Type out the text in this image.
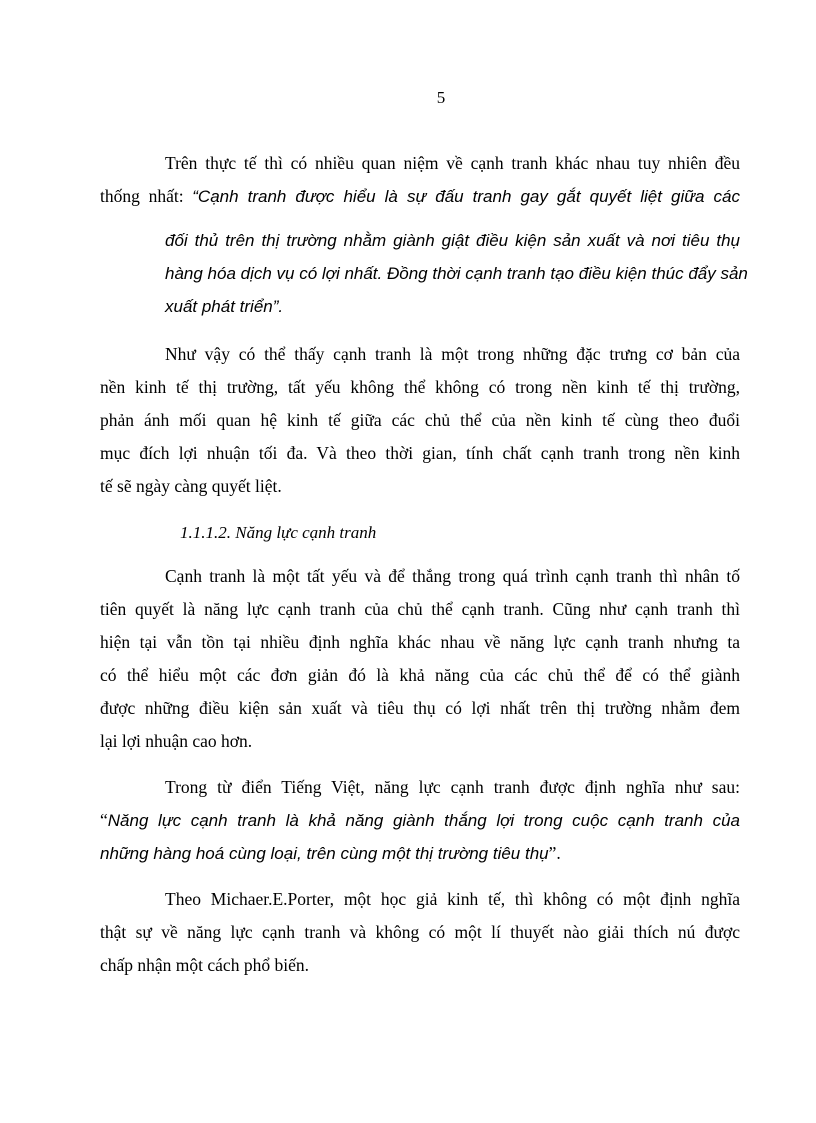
5
Trên thực tế thì có nhiều quan niệm về cạnh tranh khác nhau tuy nhiên đều
thống nhất: “Cạnh tranh được hiểu là sự đấu tranh gay gắt quyết liệt giữa các
đối thủ trên thị trường nhằm giành giật điều kiện sản xuất và nơi tiêu thụ
hàng hóa dịch vụ có lợi nhất. Đồng thời cạnh tranh tạo điều kiện thúc đẩy sản
xuất phát triển”.
Như vậy có thể thấy cạnh tranh là một trong những đặc trưng cơ bản của
nền kinh tế thị trường, tất yếu không thể không có trong nền kinh tế thị trường,
phản ánh mối quan hệ kinh tế giữa các chủ thể của nền kinh tế cùng theo đuổi
mục đích lợi nhuận tối đa. Và theo thời gian, tính chất cạnh tranh trong nền kinh
tế sẽ ngày càng quyết liệt.
1.1.1.2. Năng lực cạnh tranh
Cạnh tranh là một tất yếu và để thắng trong quá trình cạnh tranh thì nhân tố
tiên quyết là năng lực cạnh tranh của chủ thể cạnh tranh. Cũng như cạnh tranh thì
hiện tại vẫn tồn tại nhiều định nghĩa khác nhau về năng lực cạnh tranh nhưng ta
có thể hiểu một các đơn giản đó là khả năng của các chủ thể để có thể giành
được những điều kiện sản xuất và tiêu thụ có lợi nhất trên thị trường nhằm đem
lại lợi nhuận cao hơn.
Trong từ điển Tiếng Việt, năng lực cạnh tranh được định nghĩa như sau:
“Năng lực cạnh tranh là khả năng giành thắng lợi trong cuộc cạnh tranh của
những hàng hoá cùng loại, trên cùng một thị trường tiêu thụ”.
Theo Michaer.E.Porter, một học giả kinh tế, thì không có một định nghĩa
thật sự về năng lực cạnh tranh và không có một lí thuyết nào giải thích nú được
chấp nhận một cách phổ biến.
